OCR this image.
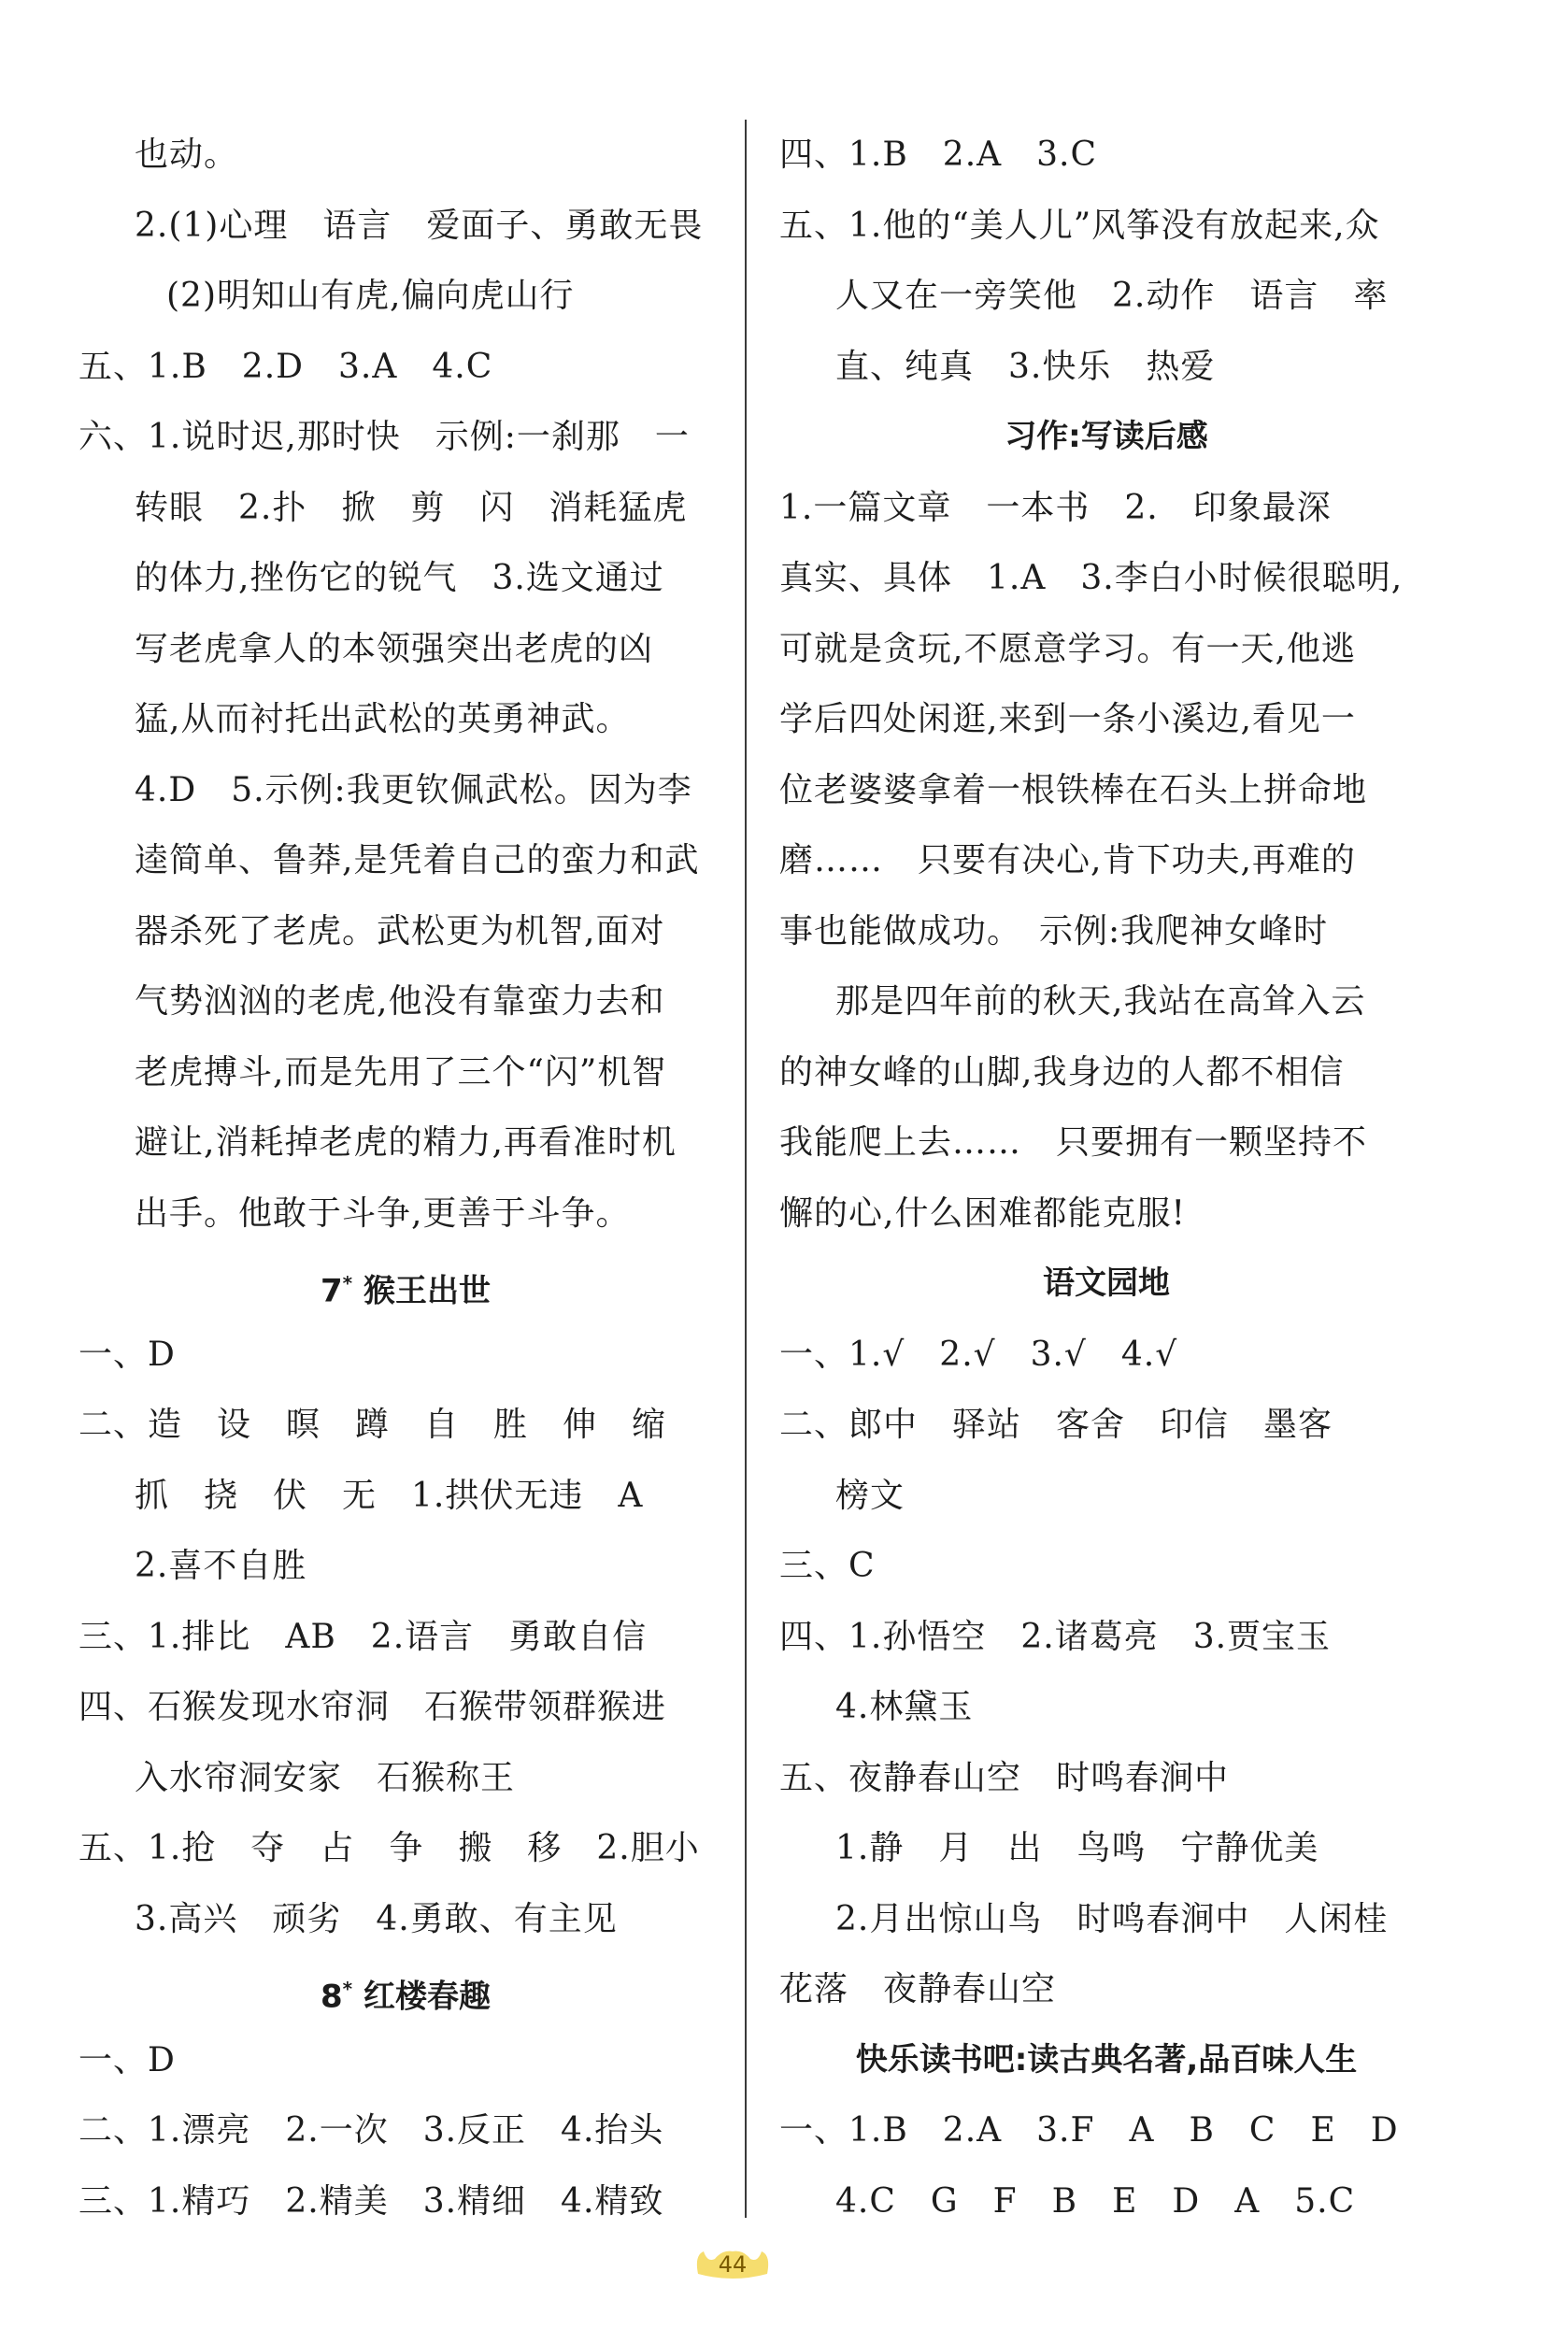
也动。
2.(1)心理　语言　爱面子、勇敢无畏
(2)明知山有虎,偏向虎山行
五、1.B　2.D　3.A　4.C
六、1.说时迟,那时快　示例:一刹那　一
转眼　2.扑　掀　剪　闪　消耗猛虎
的体力,挫伤它的锐气　3.选文通过
写老虎拿人的本领强突出老虎的凶
猛,从而衬托出武松的英勇神武。
4.D　5.示例:我更钦佩武松。因为李
逵简单、鲁莽,是凭着自己的蛮力和武
器杀死了老虎。武松更为机智,面对
气势汹汹的老虎,他没有靠蛮力去和
老虎搏斗,而是先用了三个“闪”机智
避让,消耗掉老虎的精力,再看准时机
出手。他敢于斗争,更善于斗争。
7* 猴王出世
一、D
二、造　设　暝　蹲　自　胜　伸　缩
抓　挠　伏　无　1.拱伏无违　A
2.喜不自胜
三、1.排比　AB　2.语言　勇敢自信
四、石猴发现水帘洞　石猴带领群猴进
入水帘洞安家　石猴称王
五、1.抢　夺　占　争　搬　移　2.胆小
3.高兴　顽劣　4.勇敢、有主见
8* 红楼春趣
一、D
二、1.漂亮　2.一次　3.反正　4.抬头
三、1.精巧　2.精美　3.精细　4.精致
四、1.B　2.A　3.C
五、1.他的“美人儿”风筝没有放起来,众
人又在一旁笑他　2.动作　语言　率
直、纯真　3.快乐　热爱
习作:写读后感
1.一篇文章　一本书　2.　印象最深
真实、具体　1.A　3.李白小时候很聪明,
可就是贪玩,不愿意学习。有一天,他逃
学后四处闲逛,来到一条小溪边,看见一
位老婆婆拿着一根铁棒在石头上拼命地
磨……　只要有决心,肯下功夫,再难的
事也能做成功。　示例:我爬神女峰时
那是四年前的秋天,我站在高耸入云
的神女峰的山脚,我身边的人都不相信
我能爬上去……　只要拥有一颗坚持不
懈的心,什么困难都能克服!
语文园地
一、1.√　2.√　3.√　4.√
二、郎中　驿站　客舍　印信　墨客
榜文
三、C
四、1.孙悟空　2.诸葛亮　3.贾宝玉
4.林黛玉
五、夜静春山空　时鸣春涧中
1.静　月　出　鸟鸣　宁静优美
2.月出惊山鸟　时鸣春涧中　人闲桂
花落　夜静春山空
快乐读书吧:读古典名著,品百味人生
一、1.B　2.A　3.F　A　B　C　E　D
4.C　G　F　B　E　D　A　5.C
44
